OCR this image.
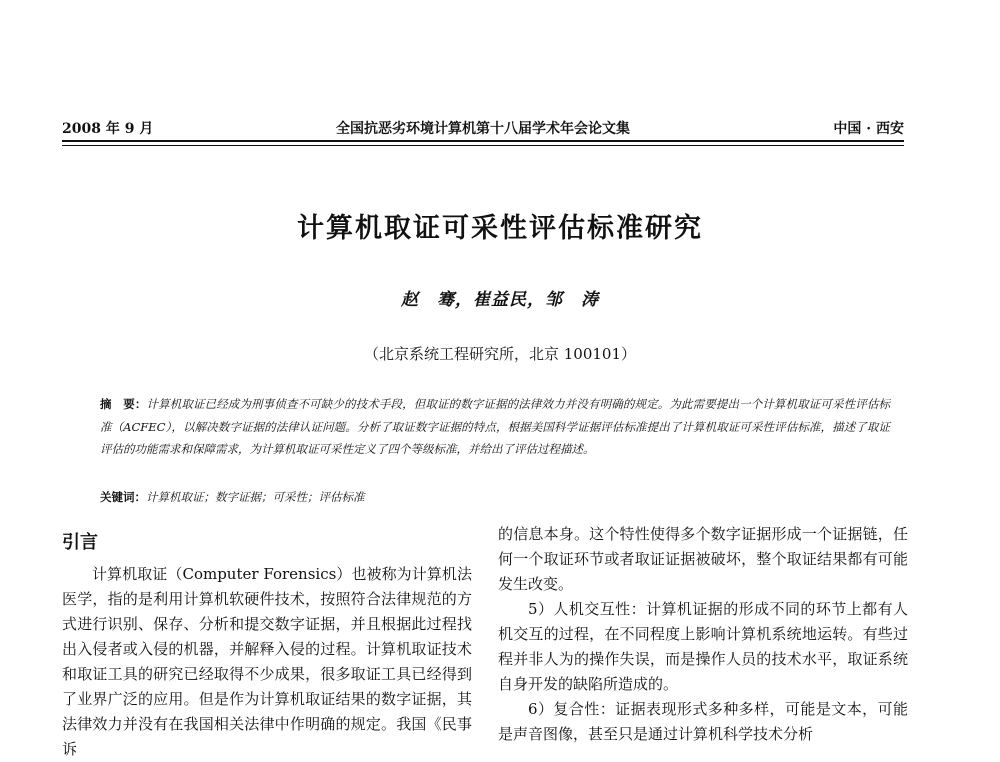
2008 年 9 月	全国抗恶劣环境计算机第十八届学术年会论文集	中国 · 西安
计算机取证可采性评估标准研究
赵　骞，崔益民，邹　涛
（北京系统工程研究所，北京 100101）
摘　要：计算机取证已经成为刑事侦查不可缺少的技术手段，但取证的数字证据的法律效力并没有明确的规定。为此需要提出一个计算机取证可采性评估标准（ACFEC），以解决数字证据的法律认证问题。分析了取证数字证据的特点，根据美国科学证据评估标准提出了计算机取证可采性评估标准，描述了取证评估的功能需求和保障需求，为计算机取证可采性定义了四个等级标准，并给出了评估过程描述。
关键词：计算机取证；数字证据；可采性；评估标准
引言

计算机取证（Computer Forensics）也被称为计算机法医学，指的是利用计算机软硬件技术，按照符合法律规范的方式进行识别、保存、分析和提交数字证据，并且根据此过程找出入侵者或入侵的机器，并解释入侵的过程。计算机取证技术和取证工具的研究已经取得不少成果，很多取证工具已经得到了业界广泛的应用。但是作为计算机取证结果的数字证据，其法律效力并没有在我国相关法律中作明确的规定。我国《民事诉

的信息本身。这个特性使得多个数字证据形成一个证据链，任何一个取证环节或者取证证据被破坏，整个取证结果都有可能发生改变。

5）人机交互性：计算机证据的形成不同的环节上都有人机交互的过程，在不同程度上影响计算机系统地运转。有些过程并非人为的操作失误，而是操作人员的技术水平，取证系统自身开发的缺陷所造成的。

6）复合性：证据表现形式多种多样，可能是文本，可能是声音图像，甚至只是通过计算机科学技术分析
